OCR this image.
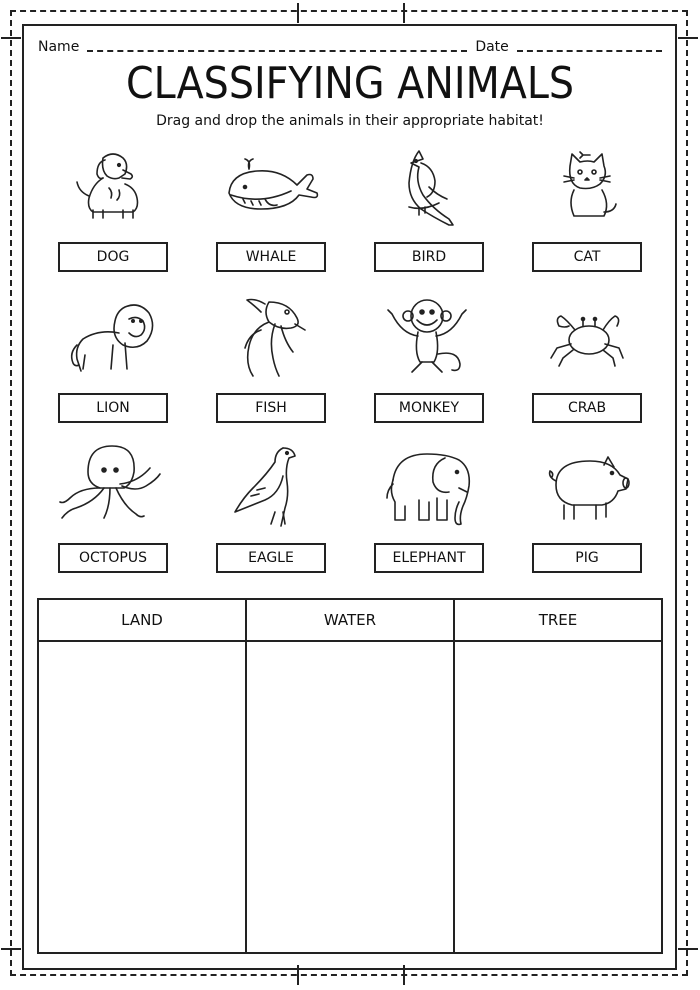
Name	Date
CLASSIFYING ANIMALS
Drag and drop the animals in their appropriate habitat!
DOG	WHALE	BIRD	CAT
LION	FISH	MONKEY	CRAB
OCTOPUS	EAGLE	ELEPHANT	PIG
LAND	WATER	TREE
